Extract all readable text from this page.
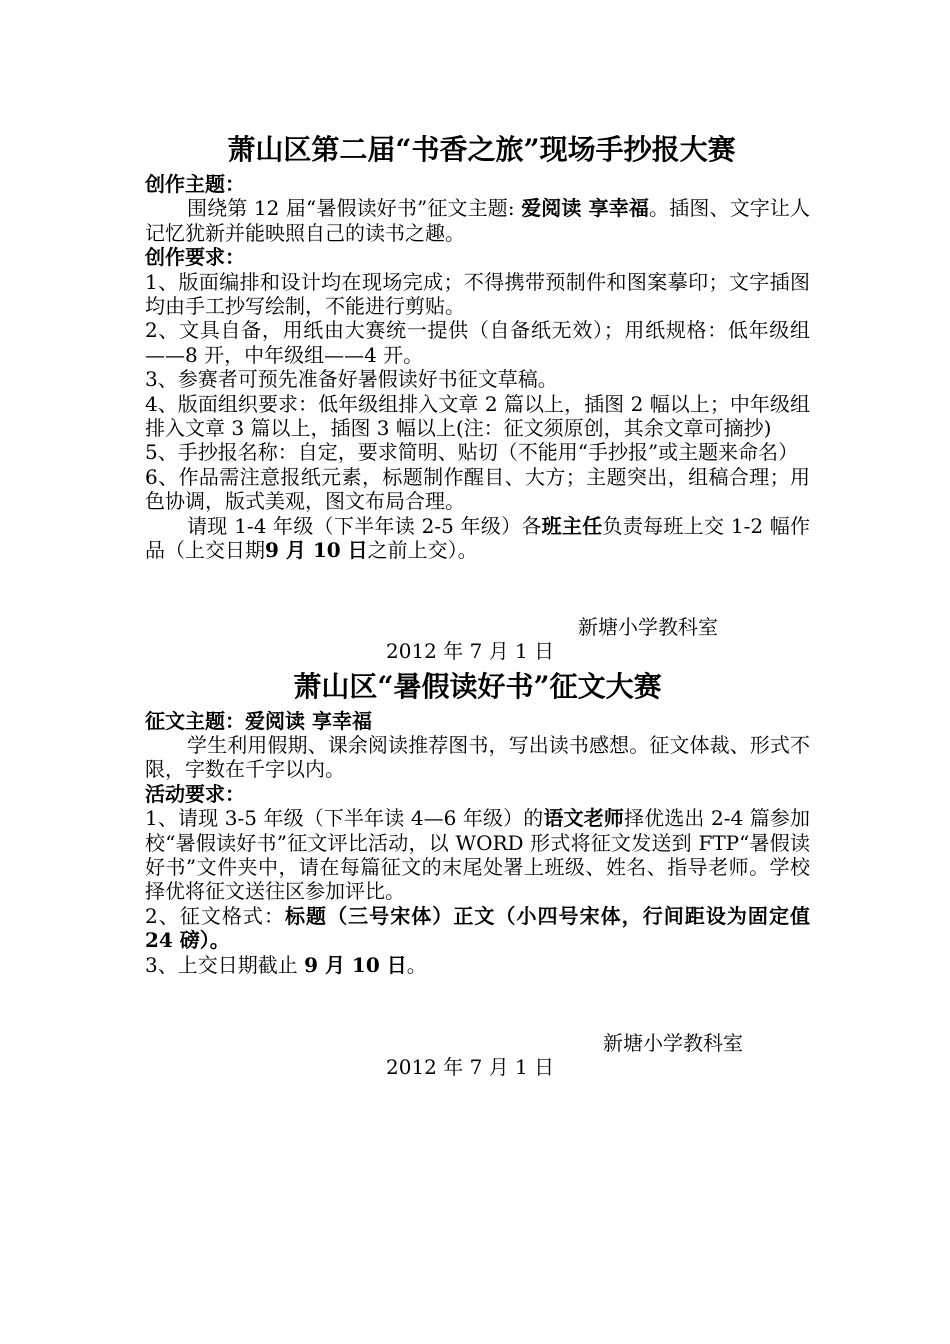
萧山区第二届“书香之旅”现场手抄报大赛

创作主题：

围绕第 12 届“暑假读好书”征文主题: 爱阅读 享幸福。插图、文字让人记忆犹新并能映照自己的读书之趣。

创作要求：

1、版面编排和设计均在现场完成；不得携带预制件和图案摹印；文字插图均由手工抄写绘制，不能进行剪贴。

2、文具自备，用纸由大赛统一提供（自备纸无效）；用纸规格：低年级组——8 开，中年级组——4 开。

3、参赛者可预先准备好暑假读好书征文草稿。

4、版面组织要求：低年级组排入文章 2 篇以上，插图 2 幅以上；中年级组排入文章 3 篇以上，插图 3 幅以上(注：征文须原创，其余文章可摘抄)

5、手抄报名称：自定，要求简明、贴切（不能用“手抄报”或主题来命名）

6、作品需注意报纸元素，标题制作醒目、大方；主题突出，组稿合理；用色协调，版式美观，图文布局合理。

请现 1-4 年级（下半年读 2-5 年级）各班主任负责每班上交 1-2 幅作品（上交日期9 月 10 日之前上交）。

新塘小学教科室

2012 年 7 月 1 日

萧山区“暑假读好书”征文大赛

征文主题：爱阅读 享幸福

学生利用假期、课余阅读推荐图书，写出读书感想。征文体裁、形式不限，字数在千字以内。

活动要求：

1、请现 3-5 年级（下半年读 4—6 年级）的语文老师择优选出 2-4 篇参加校“暑假读好书”征文评比活动，以 WORD 形式将征文发送到 FTP“暑假读好书”文件夹中，请在每篇征文的末尾处署上班级、姓名、指导老师。学校择优将征文送往区参加评比。

2、征文格式：标题（三号宋体）正文（小四号宋体，行间距设为固定值 24 磅）。

3、上交日期截止 9 月 10 日。

新塘小学教科室

2012 年 7 月 1 日
